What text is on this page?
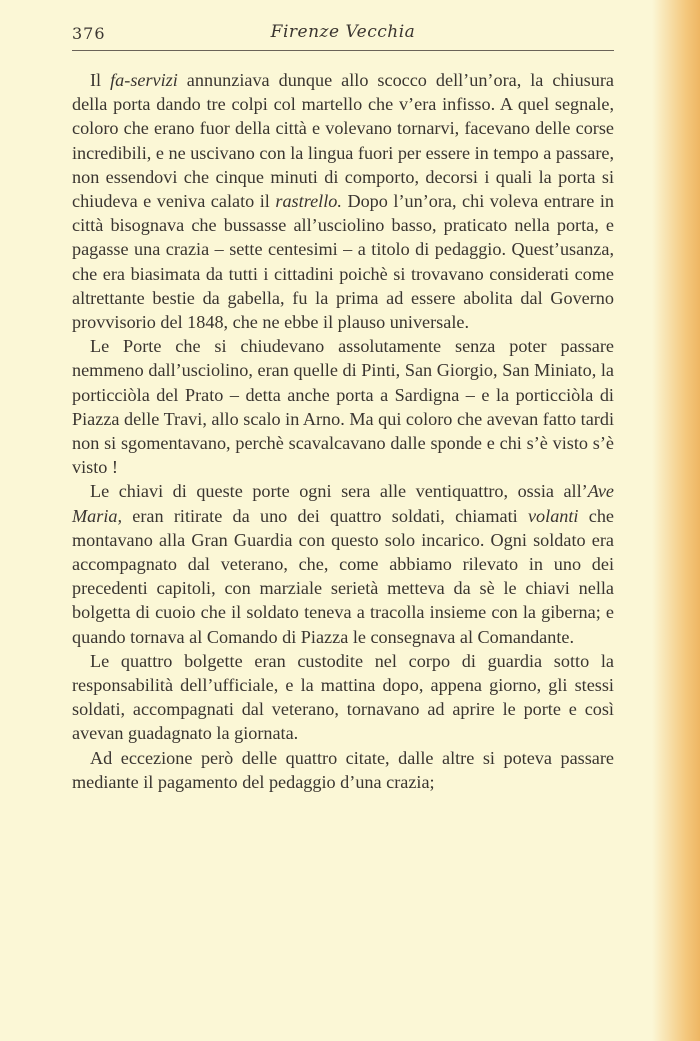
376	Firenze Vecchia

Il fa-servizi annunziava dunque allo scocco dell’un’ora, la chiusura della porta dando tre colpi col martello che v’era infisso. A quel segnale, coloro che erano fuor della città e volevano tornarvi, facevano delle corse incredibili, e ne uscivano con la lingua fuori per essere in tempo a passare, non essendovi che cinque minuti di comporto, decorsi i quali la porta si chiudeva e veniva calato il rastrello. Dopo l’un’ora, chi voleva entrare in città bisognava che bussasse all’usciolino basso, praticato nella porta, e pagasse una crazia – sette centesimi – a titolo di pedaggio. Quest’usanza, che era biasimata da tutti i cittadini poichè si trovavano considerati come altrettante bestie da gabella, fu la prima ad essere abolita dal Governo provvisorio del 1848, che ne ebbe il plauso universale.

Le Porte che si chiudevano assolutamente senza poter passare nemmeno dall’usciolino, eran quelle di Pinti, San Giorgio, San Miniato, la porticciòla del Prato – detta anche porta a Sardigna – e la porticciòla di Piazza delle Travi, allo scalo in Arno. Ma qui coloro che avevan fatto tardi non si sgomentavano, perchè scavalcavano dalle sponde e chi s’è visto s’è visto !

Le chiavi di queste porte ogni sera alle ventiquattro, ossia all’Ave Maria, eran ritirate da uno dei quattro soldati, chiamati volanti che montavano alla Gran Guardia con questo solo incarico. Ogni soldato era accompagnato dal veterano, che, come abbiamo rilevato in uno dei precedenti capitoli, con marziale serietà metteva da sè le chiavi nella bolgetta di cuoio che il soldato teneva a tracolla insieme con la giberna; e quando tornava al Comando di Piazza le consegnava al Comandante.

Le quattro bolgette eran custodite nel corpo di guardia sotto la responsabilità dell’ufficiale, e la mattina dopo, appena giorno, gli stessi soldati, accompagnati dal veterano, tornavano ad aprire le porte e così avevan guadagnato la giornata.

Ad eccezione però delle quattro citate, dalle altre si poteva passare mediante il pagamento del pedaggio d’una crazia;
